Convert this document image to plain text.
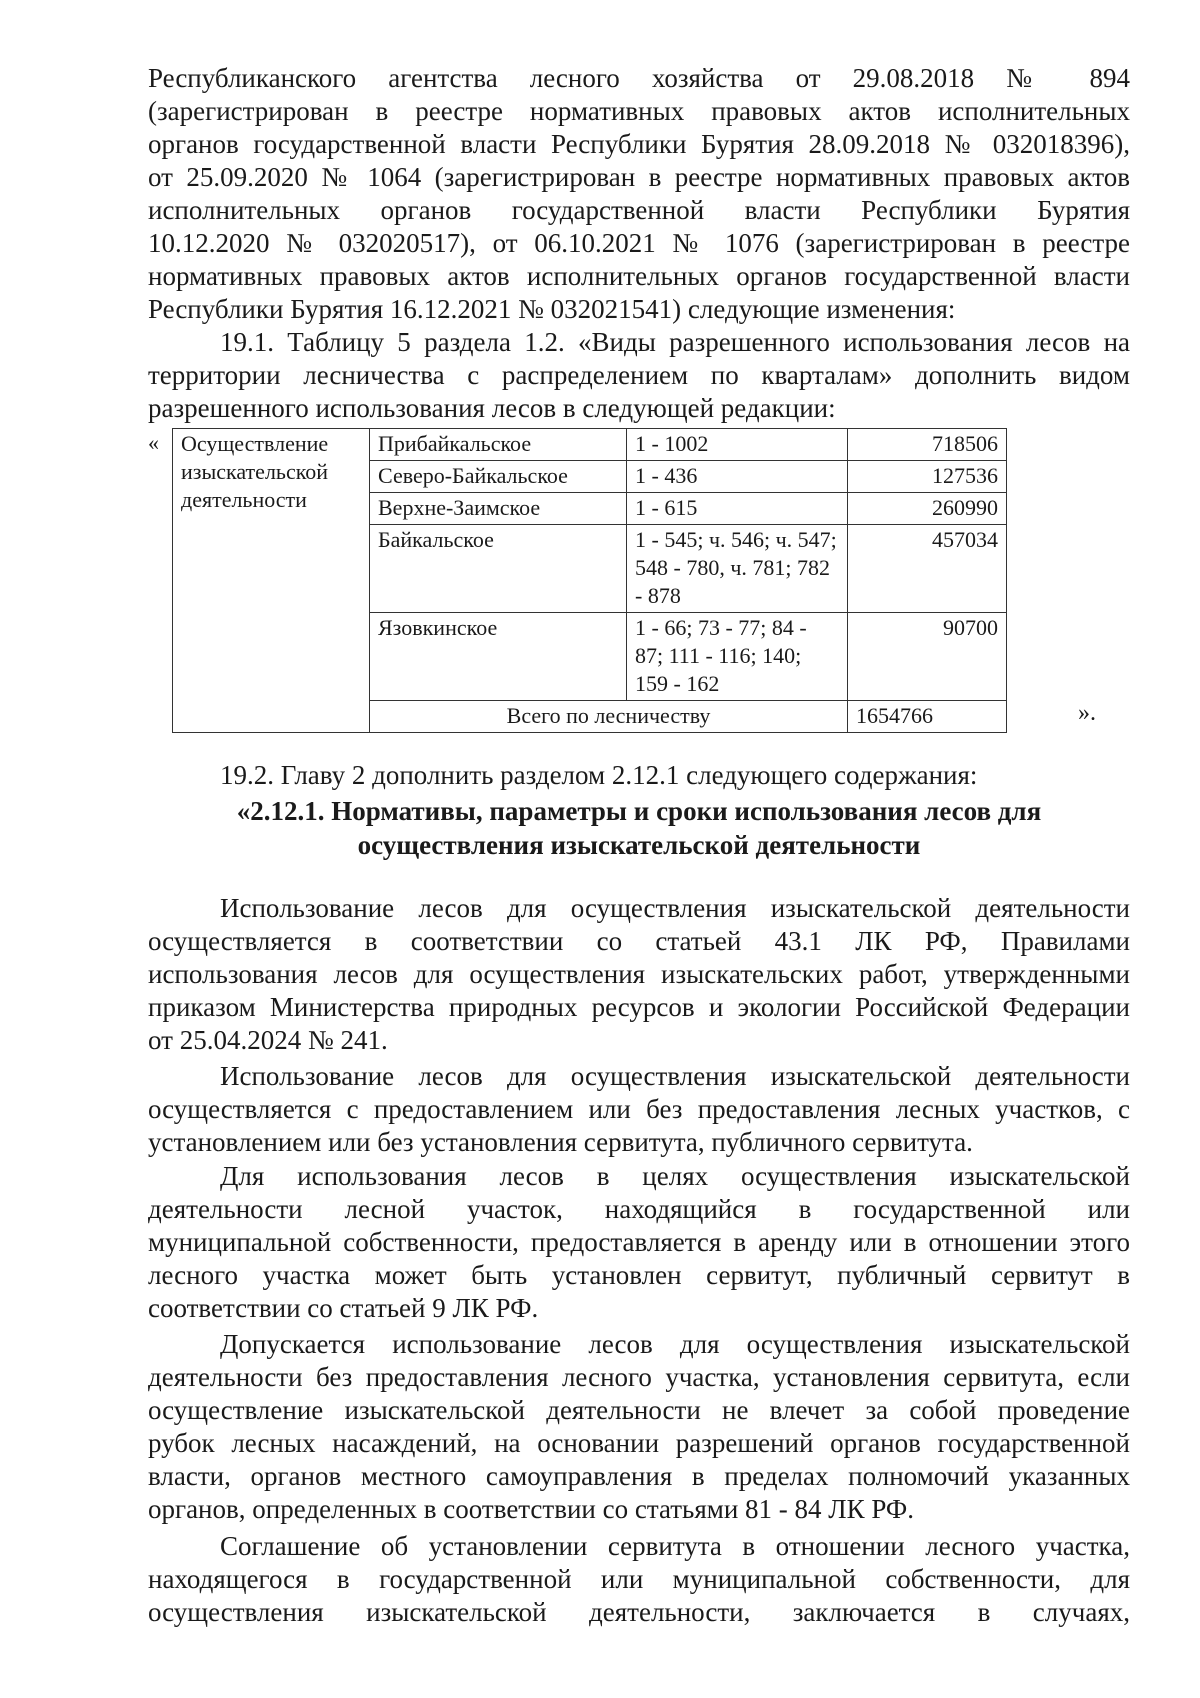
Республиканского агентства лесного хозяйства от 29.08.2018 № 894
(зарегистрирован в реестре нормативных правовых актов исполнительных
органов государственной власти Республики Бурятия 28.09.2018 № 032018396),
от 25.09.2020 № 1064 (зарегистрирован в реестре нормативных правовых актов
исполнительных органов государственной власти Республики Бурятия
10.12.2020 № 032020517), от 06.10.2021 № 1076 (зарегистрирован в реестре
нормативных правовых актов исполнительных органов государственной власти
Республики Бурятия 16.12.2021 № 032021541) следующие изменения:
19.1. Таблицу 5 раздела 1.2. «Виды разрешенного использования лесов на
территории лесничества с распределением по кварталам» дополнить видом
разрешенного использования лесов в следующей редакции:
« Осуществление изыскательской деятельности	Прибайкальское	1 - 1002	718506
	Северо-Байкальское	1 - 436	127536
	Верхне-Заимское	1 - 615	260990
	Байкальское	1 - 545; ч. 546; ч. 547; 548 - 780, ч. 781; 782 - 878	457034
	Язовкинское	1 - 66; 73 - 77; 84 - 87; 111 - 116; 140; 159 - 162	90700
	Всего по лесничеству		1654766	».

19.2. Главу 2 дополнить разделом 2.12.1 следующего содержания:

«2.12.1. Нормативы, параметры и сроки использования лесов для
осуществления изыскательской деятельности
Использование лесов для осуществления изыскательской деятельности
осуществляется в соответствии со статьей 43.1 ЛК РФ, Правилами
использования лесов для осуществления изыскательских работ, утвержденными
приказом Министерства природных ресурсов и экологии Российской Федерации
от 25.04.2024 № 241.
Использование лесов для осуществления изыскательской деятельности
осуществляется с предоставлением или без предоставления лесных участков, с
установлением или без установления сервитута, публичного сервитута.
Для использования лесов в целях осуществления изыскательской
деятельности лесной участок, находящийся в государственной или
муниципальной собственности, предоставляется в аренду или в отношении этого
лесного участка может быть установлен сервитут, публичный сервитут в
соответствии со статьей 9 ЛК РФ.
Допускается использование лесов для осуществления изыскательской
деятельности без предоставления лесного участка, установления сервитута, если
осуществление изыскательской деятельности не влечет за собой проведение
рубок лесных насаждений, на основании разрешений органов государственной
власти, органов местного самоуправления в пределах полномочий указанных
органов, определенных в соответствии со статьями 81 - 84 ЛК РФ.
Соглашение об установлении сервитута в отношении лесного участка,
находящегося в государственной или муниципальной собственности, для
осуществления изыскательской деятельности, заключается в случаях,
